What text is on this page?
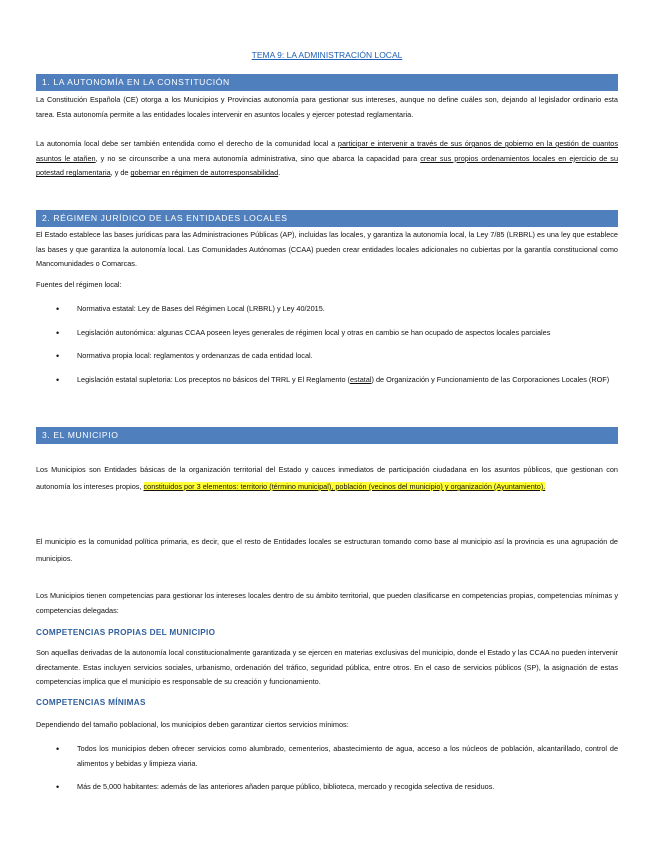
TEMA 9: LA ADMINISTRACIÓN LOCAL
1. LA AUTONOMÍA EN LA CONSTITUCIÓN
La Constitución Española (CE) otorga a los Municipios y Provincias autonomía para gestionar sus intereses, aunque no define cuáles son, dejando al legislador ordinario esta tarea. Esta autonomía permite a las entidades locales intervenir en asuntos locales y ejercer potestad reglamentaria.
La autonomía local debe ser también entendida como el derecho de la comunidad local a participar e intervenir a través de sus órganos de gobierno en la gestión de cuantos asuntos le atañen, y no se circunscribe a una mera autonomía administrativa, sino que abarca la capacidad para crear sus propios ordenamientos locales en ejercicio de su potestad reglamentaria, y de gobernar en régimen de autorresponsabilidad.
2. RÉGIMEN JURÍDICO DE LAS ENTIDADES LOCALES
El Estado establece las bases jurídicas para las Administraciones Públicas (AP), incluidas las locales, y garantiza la autonomía local, la Ley 7/85 (LRBRL) es una ley que establece las bases y que garantiza la autonomía local. Las Comunidades Autónomas (CCAA) pueden crear entidades locales adicionales no cubiertas por la garantía constitucional como Mancomunidades o Comarcas.
Fuentes del régimen local:
• Normativa estatal: Ley de Bases del Régimen Local (LRBRL) y Ley 40/2015.
• Legislación autonómica: algunas CCAA poseen leyes generales de régimen local y otras en cambio se han ocupado de aspectos locales parciales
• Normativa propia local: reglamentos y ordenanzas de cada entidad local.
• Legislación estatal supletoria: Los preceptos no básicos del TRRL y El Reglamento (estatal) de Organización y Funcionamiento de las Corporaciones Locales (ROF)
3. EL MUNICIPIO
Los Municipios son Entidades básicas de la organización territorial del Estado y cauces inmediatos de participación ciudadana en los asuntos públicos, que gestionan con autonomía los intereses propios, constituidos por 3 elementos: territorio (término municipal), población (vecinos del municipio) y organización (Ayuntamiento).
El municipio es la comunidad política primaria, es decir, que el resto de Entidades locales se estructuran tomando como base al municipio así la provincia es una agrupación de municipios.
Los Municipios tienen competencias para gestionar los intereses locales dentro de su ámbito territorial, que pueden clasificarse en competencias propias, competencias mínimas y competencias delegadas:
COMPETENCIAS PROPIAS DEL MUNICIPIO
Son aquellas derivadas de la autonomía local constitucionalmente garantizada y se ejercen en materias exclusivas del municipio, donde el Estado y las CCAA no pueden intervenir directamente. Estas incluyen servicios sociales, urbanismo, ordenación del tráfico, seguridad pública, entre otros. En el caso de servicios públicos (SP), la asignación de estas competencias implica que el municipio es responsable de su creación y funcionamiento.
COMPETENCIAS MÍNIMAS
Dependiendo del tamaño poblacional, los municipios deben garantizar ciertos servicios mínimos:
• Todos los municipios deben ofrecer servicios como alumbrado, cementerios, abastecimiento de agua, acceso a los núcleos de población, alcantarillado, control de alimentos y bebidas y limpieza viaria.
• Más de 5,000 habitantes: además de las anteriores añaden parque público, biblioteca, mercado y recogida selectiva de residuos.
